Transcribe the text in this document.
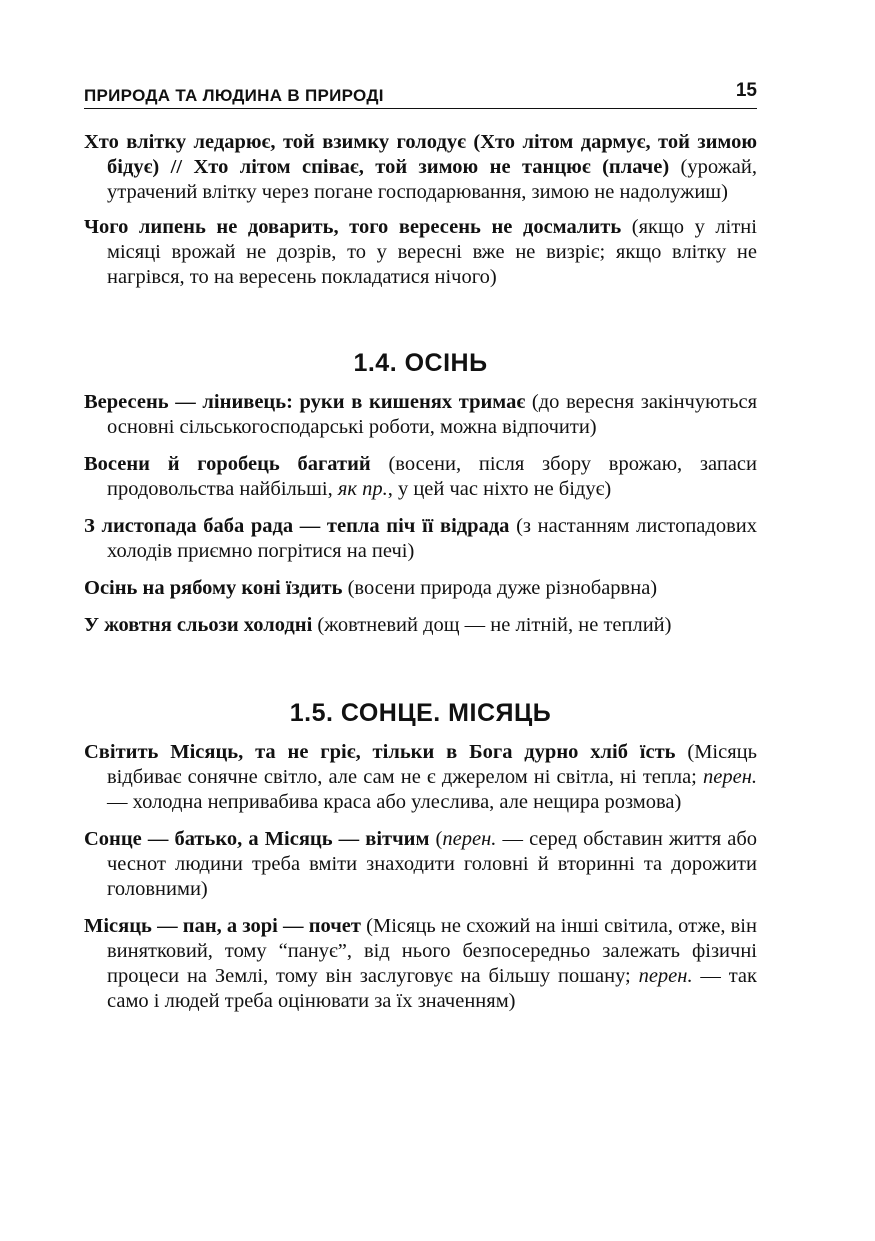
ПРИРОДА ТА ЛЮДИНА В ПРИРОДІ	15

Хто влітку ледарює, той взимку голодує (Хто літом дармує, той зимою бідує) // Хто літом співає, той зимою не танцює (плаче) (урожай, утрачений влітку через погане господарювання, зимою не надолужиш)

Чого липень не доварить, того вересень не досмалить (якщо у літні місяці врожай не дозрів, то у вересні вже не визріє; якщо влітку не нагрівся, то на вересень покладатися нічого)

1.4. ОСІНЬ

Вересень — лінивець: руки в кишенях тримає (до вересня закінчуються основні сільськогосподарські роботи, можна відпочити)

Восени й горобець багатий (восени, після збору врожаю, запаси продовольства найбільші, як пр., у цей час ніхто не бідує)

З листопада баба рада — тепла піч її відрада (з настанням листопадових холодів приємно погрітися на печі)

Осінь на рябому коні їздить (восени природа дуже різнобарвна)

У жовтня сльози холодні (жовтневий дощ — не літній, не теплий)

1.5. СОНЦЕ. МІСЯЦЬ

Світить Місяць, та не гріє, тільки в Бога дурно хліб їсть (Місяць відбиває сонячне світло, але сам не є джерелом ні світла, ні тепла; перен. — холодна непривабива краса або улеслива, але нещира розмова)

Сонце — батько, а Місяць — вітчим (перен. — серед обставин життя або чеснот людини треба вміти знаходити головні й вторинні та дорожити головними)

Місяць — пан, а зорі — почет (Місяць не схожий на інші світила, отже, він винятковий, тому “панує”, від нього безпосередньо залежать фізичні процеси на Землі, тому він заслуговує на більшу пошану; перен. — так само і людей треба оцінювати за їх значенням)
